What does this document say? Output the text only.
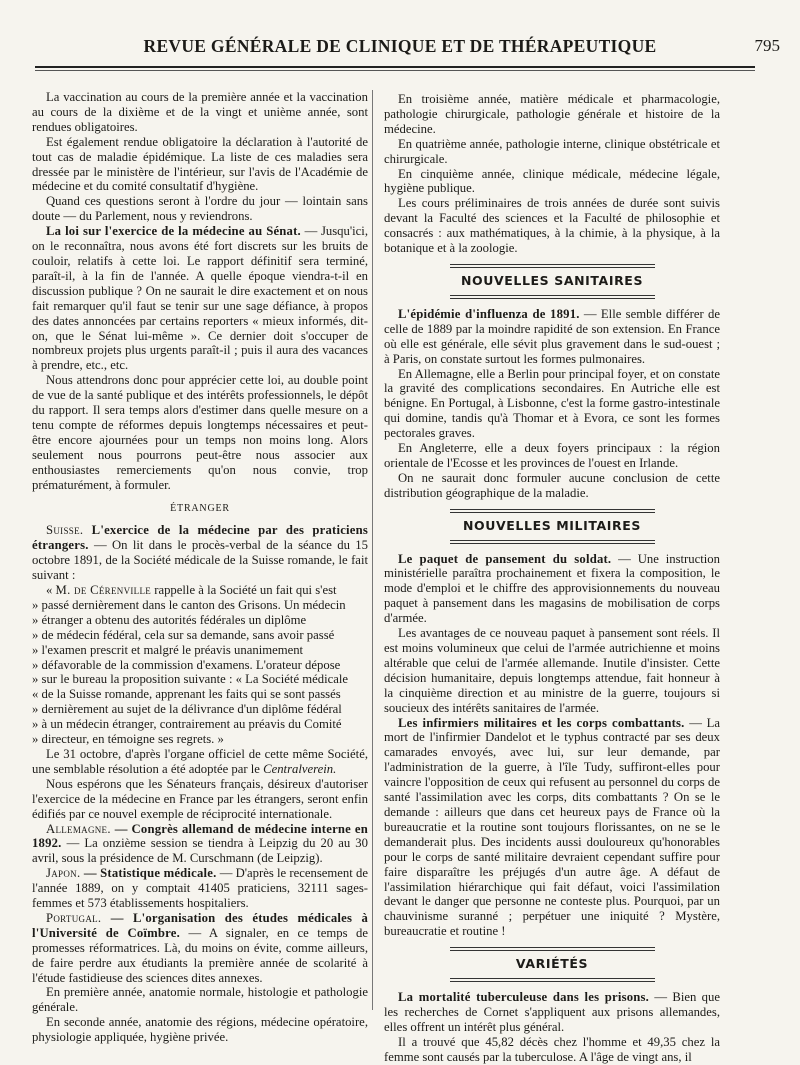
REVUE GÉNÉRALE DE CLINIQUE ET DE THÉRAPEUTIQUE	795

La vaccination au cours de la première année et la vaccination au cours de la dixième et de la vingt et unième année, sont rendues obligatoires.

Est également rendue obligatoire la déclaration à l'autorité de tout cas de maladie épidémique. La liste de ces maladies sera dressée par le ministère de l'intérieur, sur l'avis de l'Académie de médecine et du comité consultatif d'hygiène.

Quand ces questions seront à l'ordre du jour — lointain sans doute — du Parlement, nous y reviendrons.

La loi sur l'exercice de la médecine au Sénat. — Jusqu'ici, on le reconnaîtra, nous avons été fort discrets sur les bruits de couloir, relatifs à cette loi. Le rapport définitif sera terminé, paraît-il, à la fin de l'année. A quelle époque viendra-t-il en discussion publique ? On ne saurait le dire exactement et on nous fait remarquer qu'il faut se tenir sur une sage défiance, à propos des dates annoncées par certains reporters « mieux informés, dit-on, que le Sénat lui-même ». Ce dernier doit s'occuper de nombreux projets plus urgents paraît-il ; puis il aura des vacances à prendre, etc., etc.

Nous attendrons donc pour apprécier cette loi, au double point de vue de la santé publique et des intérêts professionnels, le dépôt du rapport. Il sera temps alors d'estimer dans quelle mesure on a tenu compte de réformes depuis longtemps nécessaires et peut-être encore ajournées pour un temps non moins long. Alors seulement nous pourrons peut-être nous associer aux enthousiastes remerciements qu'on nous convie, trop prématurément, à formuler.

ÉTRANGER

Suisse. L'exercice de la médecine par des praticiens étrangers. — On lit dans le procès-verbal de la séance du 15 octobre 1891, de la Société médicale de la Suisse romande, le fait suivant :

« M. de Cérenville rappelle à la Société un fait qui s'est

» passé dernièrement dans le canton des Grisons. Un médecin

» étranger a obtenu des autorités fédérales un diplôme

» de médecin fédéral, cela sur sa demande, sans avoir passé

» l'examen prescrit et malgré le préavis unanimement

» défavorable de la commission d'examens. L'orateur dépose

» sur le bureau la proposition suivante : « La Société médicale

« de la Suisse romande, apprenant les faits qui se sont passés

» dernièrement au sujet de la délivrance d'un diplôme fédéral

» à un médecin étranger, contrairement au préavis du Comité

» directeur, en témoigne ses regrets. »

Le 31 octobre, d'après l'organe officiel de cette même Société, une semblable résolution a été adoptée par le Centralverein.

Nous espérons que les Sénateurs français, désireux d'autoriser l'exercice de la médecine en France par les étrangers, seront enfin édifiés par ce nouvel exemple de réciprocité internationale.

Allemagne. — Congrès allemand de médecine interne en 1892. — La onzième session se tiendra à Leipzig du 20 au 30 avril, sous la présidence de M. Curschmann (de Leipzig).

Japon. — Statistique médicale. — D'après le recensement de l'année 1889, on y comptait 41405 praticiens, 32111 sages-femmes et 573 établissements hospitaliers.

Portugal. — L'organisation des études médicales à l'Université de Coïmbre. — A signaler, en ce temps de promesses réformatrices. Là, du moins on évite, comme ailleurs, de faire perdre aux étudiants la première année de scolarité à l'étude fastidieuse des sciences dites annexes.

En première année, anatomie normale, histologie et pathologie générale.

En seconde année, anatomie des régions, médecine opératoire, physiologie appliquée, hygiène privée.

En troisième année, matière médicale et pharmacologie, pathologie chirurgicale, pathologie générale et histoire de la médecine.

En quatrième année, pathologie interne, clinique obstétricale et chirurgicale.

En cinquième année, clinique médicale, médecine légale, hygiène publique.

Les cours préliminaires de trois années de durée sont suivis devant la Faculté des sciences et la Faculté de philosophie et consacrés : aux mathématiques, à la chimie, à la physique, à la botanique et à la zoologie.

NOUVELLES SANITAIRES

L'épidémie d'influenza de 1891. — Elle semble différer de celle de 1889 par la moindre rapidité de son extension. En France où elle est générale, elle sévit plus gravement dans le sud-ouest ; à Paris, on constate surtout les formes pulmonaires.

En Allemagne, elle a Berlin pour principal foyer, et on constate la gravité des complications secondaires. En Autriche elle est bénigne. En Portugal, à Lisbonne, c'est la forme gastro-intestinale qui domine, tandis qu'à Thomar et à Evora, ce sont les formes pectorales graves.

En Angleterre, elle a deux foyers principaux : la région orientale de l'Ecosse et les provinces de l'ouest en Irlande.

On ne saurait donc formuler aucune conclusion de cette distribution géographique de la maladie.

NOUVELLES MILITAIRES

Le paquet de pansement du soldat. — Une instruction ministérielle paraîtra prochainement et fixera la composition, le mode d'emploi et le chiffre des approvisionnements du nouveau paquet à pansement dans les magasins de mobilisation de corps d'armée.

Les avantages de ce nouveau paquet à pansement sont réels. Il est moins volumineux que celui de l'armée autrichienne et moins altérable que celui de l'armée allemande. Inutile d'insister. Cette décision humanitaire, depuis longtemps attendue, fait honneur à la cinquième direction et au ministre de la guerre, toujours si soucieux des intérêts sanitaires de l'armée.

Les infirmiers militaires et les corps combattants. — La mort de l'infirmier Dandelot et le typhus contracté par ses deux camarades envoyés, avec lui, sur leur demande, par l'administration de la guerre, à l'île Tudy, suffiront-elles pour vaincre l'opposition de ceux qui refusent au personnel du corps de santé l'assimilation avec les corps, dits combattants ? On se le demande : ailleurs que dans cet heureux pays de France où la bureaucratie et la routine sont toujours florissantes, on ne se le demanderait plus. Des incidents aussi douloureux qu'honorables pour le corps de santé militaire devraient cependant suffire pour faire disparaître les préjugés d'un autre âge. A défaut de l'assimilation hiérarchique qui fait défaut, voici l'assimilation devant le danger que personne ne conteste plus. Pourquoi, par un chauvinisme suranné ; perpétuer une iniquité ? Mystère, bureaucratie et routine !

VARIÉTÉS

La mortalité tuberculeuse dans les prisons. — Bien que les recherches de Cornet s'appliquent aux prisons allemandes, elles offrent un intérêt plus général.

Il a trouvé que 45,82 décès chez l'homme et 49,35 chez la femme sont causés par la tuberculose. A l'âge de vingt ans, il
